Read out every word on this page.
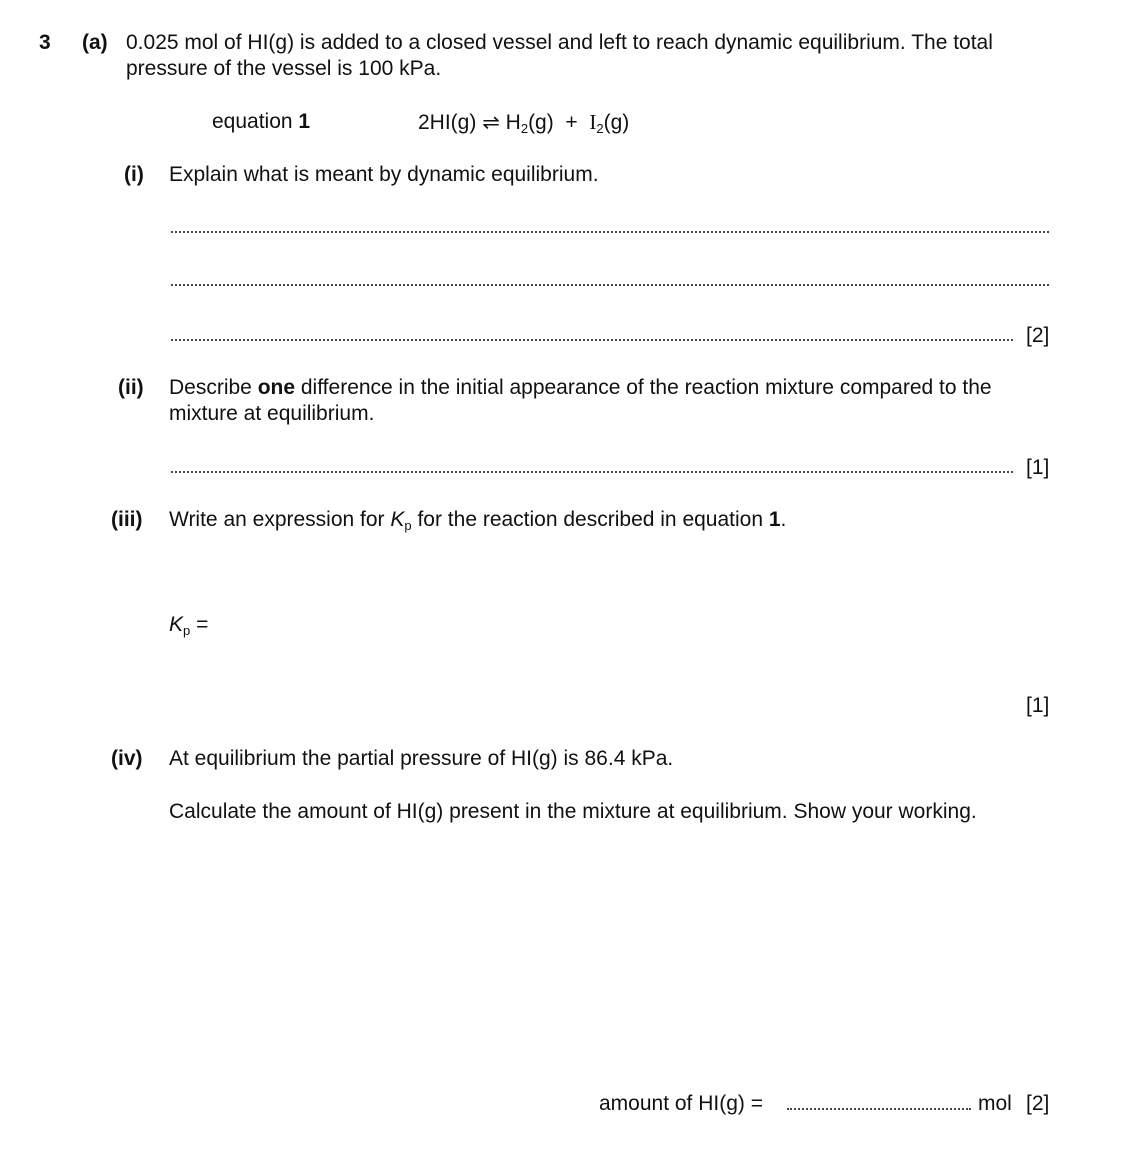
3 (a) 0.025 mol of HI(g) is added to a closed vessel and left to reach dynamic equilibrium. The total
pressure of the vessel is 100 kPa.
equation 1	2HI(g) ⇌ $H_2(g) + I_2(g)$
(i) Explain what is meant by dynamic equilibrium.
[2]
(ii) Describe one difference in the initial appearance of the reaction mixture compared to the
mixture at equilibrium.
[1]
(iii) Write an expression for $K_p$ for the reaction described in equation 1.
$K_p$ =
[1]
(iv) At equilibrium the partial pressure of HI(g) is 86.4 kPa.
Calculate the amount of HI(g) present in the mixture at equilibrium. Show your working.
amount of HI(g) =	mol [2]
